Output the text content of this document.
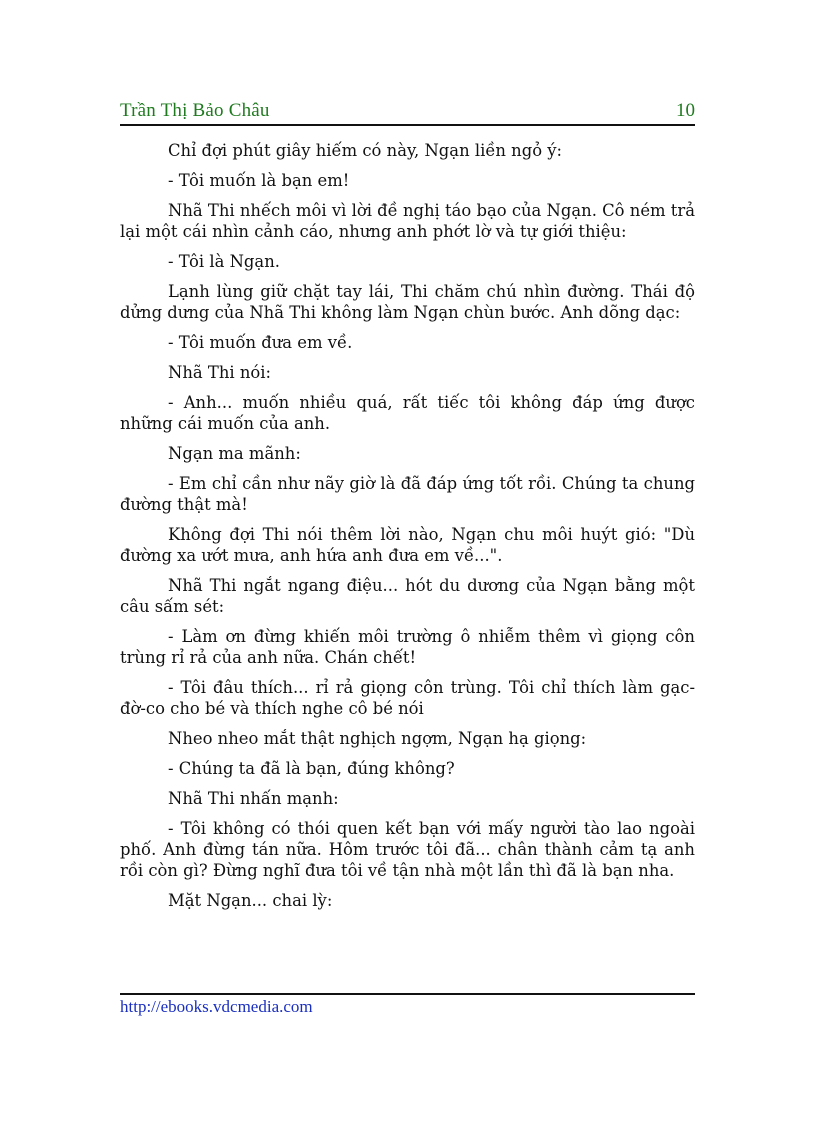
Trần Thị Bảo Châu	10

Chỉ đợi phút giây hiếm có này, Ngạn liền ngỏ ý:

- Tôi muốn là bạn em!

Nhã Thi nhếch môi vì lời đề nghị táo bạo của Ngạn. Cô ném trả lại một cái nhìn cảnh cáo, nhưng anh phớt lờ và tự giới thiệu:

- Tôi là Ngạn.

Lạnh lùng giữ chặt tay lái, Thi chăm chú nhìn đường. Thái độ dửng dưng của Nhã Thi không làm Ngạn chùn bước. Anh dõng dạc:

- Tôi muốn đưa em về.

Nhã Thi nói:

- Anh... muốn nhiều quá, rất tiếc tôi không đáp ứng được những cái muốn của anh.

Ngạn ma mãnh:

- Em chỉ cần như nãy giờ là đã đáp ứng tốt rồi. Chúng ta chung đường thật mà!

Không đợi Thi nói thêm lời nào, Ngạn chu môi huýt gió: "Dù đường xa ướt mưa, anh hứa anh đưa em về...".

Nhã Thi ngắt ngang điệu... hót du dương của Ngạn bằng một câu sấm sét:

- Làm ơn đừng khiến môi trường ô nhiễm thêm vì giọng côn trùng rỉ rả của anh nữa. Chán chết!

- Tôi đâu thích... rỉ rả giọng côn trùng. Tôi chỉ thích làm gạc-đờ-co cho bé và thích nghe cô bé nói

Nheo nheo mắt thật nghịch ngợm, Ngạn hạ giọng:

- Chúng ta đã là bạn, đúng không?

Nhã Thi nhấn mạnh:

- Tôi không có thói quen kết bạn với mấy người tào lao ngoài phố. Anh đừng tán nữa. Hôm trước tôi đã... chân thành cảm tạ anh rồi còn gì? Đừng nghĩ đưa tôi về tận nhà một lần thì đã là bạn nha.

Mặt Ngạn... chai lỳ:

http://ebooks.vdcmedia.com
